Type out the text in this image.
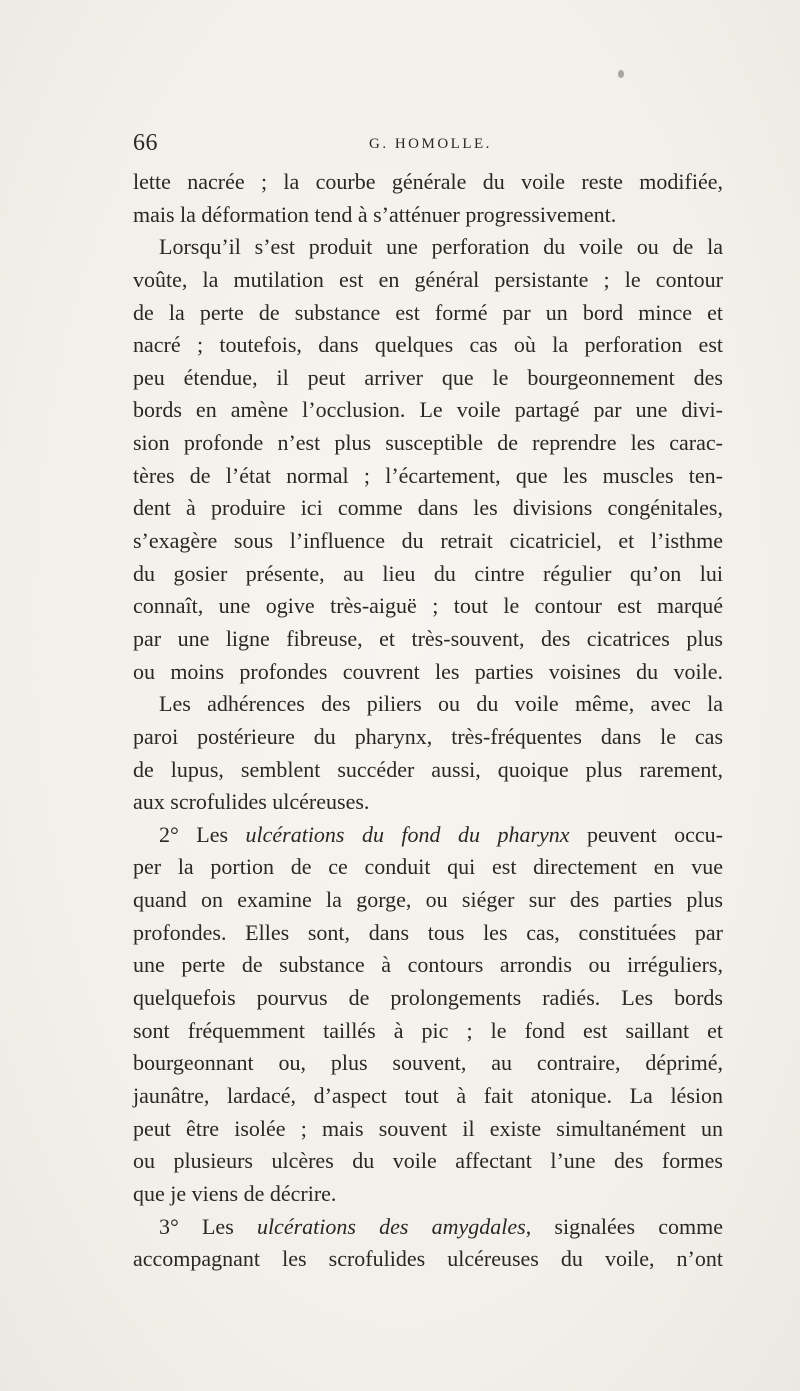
66	G. HOMOLLE.
lette nacrée ; la courbe générale du voile reste modifiée,
mais la déformation tend à s’atténuer progressivement.
Lorsqu’il s’est produit une perforation du voile ou de la
voûte, la mutilation est en général persistante ; le contour
de la perte de substance est formé par un bord mince et
nacré ; toutefois, dans quelques cas où la perforation est
peu étendue, il peut arriver que le bourgeonnement des
bords en amène l’occlusion. Le voile partagé par une divi-
sion profonde n’est plus susceptible de reprendre les carac-
tères de l’état normal ; l’écartement, que les muscles ten-
dent à produire ici comme dans les divisions congénitales,
s’exagère sous l’influence du retrait cicatriciel, et l’isthme
du gosier présente, au lieu du cintre régulier qu’on lui
connaît, une ogive très-aiguë ; tout le contour est marqué
par une ligne fibreuse, et très-souvent, des cicatrices plus
ou moins profondes couvrent les parties voisines du voile.
Les adhérences des piliers ou du voile même, avec la
paroi postérieure du pharynx, très-fréquentes dans le cas
de lupus, semblent succéder aussi, quoique plus rarement,
aux scrofulides ulcéreuses.
2° Les ulcérations du fond du pharynx peuvent occu-
per la portion de ce conduit qui est directement en vue
quand on examine la gorge, ou siéger sur des parties plus
profondes. Elles sont, dans tous les cas, constituées par
une perte de substance à contours arrondis ou irréguliers,
quelquefois pourvus de prolongements radiés. Les bords
sont fréquemment taillés à pic ; le fond est saillant et
bourgeonnant ou, plus souvent, au contraire, déprimé,
jaunâtre, lardacé, d’aspect tout à fait atonique. La lésion
peut être isolée ; mais souvent il existe simultanément un
ou plusieurs ulcères du voile affectant l’une des formes
que je viens de décrire.
3° Les ulcérations des amygdales, signalées comme
accompagnant les scrofulides ulcéreuses du voile, n’ont
